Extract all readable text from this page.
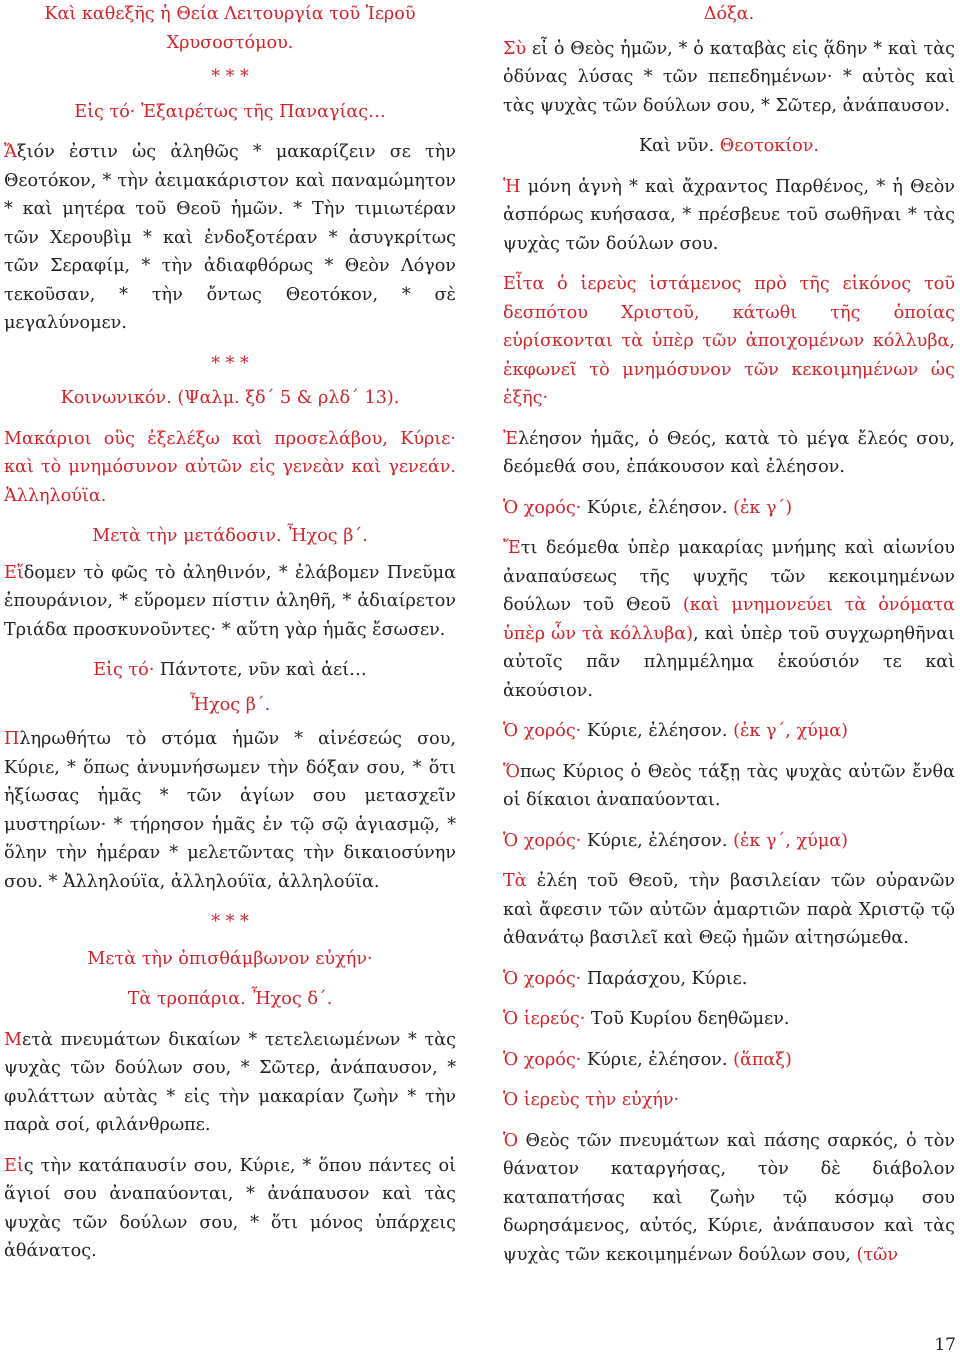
Καὶ καθεξῆς ἡ Θεία Λειτουργία τοῦ Ἱεροῦ Χρυσοστόμου.

* * *

Εἰς τό· Ἐξαιρέτως τῆς Παναγίας…

Ἄξιόν ἐστιν ὡς ἀληθῶς * μακαρίζειν σε τὴν Θεοτόκον, * τὴν ἀειμακάριστον καὶ παναμώμητον * καὶ μητέρα τοῦ Θεοῦ ἡμῶν. * Τὴν τιμιωτέραν τῶν Χερουβὶμ * καὶ ἐνδοξοτέραν * ἀσυγκρίτως τῶν Σεραφίμ, * τὴν ἀδιαφθόρως * Θεὸν Λόγον τεκοῦσαν, * τὴν ὄντως Θεοτόκον, * σὲ μεγαλύνομεν.

* * *

Κοινωνικόν. (Ψαλμ. ξδ΄ 5 & ρλδ΄ 13).

Μακάριοι οὓς ἐξελέξω καὶ προσελάβου, Κύριε· καὶ τὸ μνημόσυνον αὐτῶν εἰς γενεὰν καὶ γενεάν. Ἀλληλούϊα.

Μετὰ τὴν μετάδοσιν. Ἦχος β΄.

Εἴδομεν τὸ φῶς τὸ ἀληθινόν, * ἐλάβομεν Πνεῦμα ἐπουράνιον, * εὕρομεν πίστιν ἀληθῆ, * ἀδιαίρετον Τριάδα προσκυνοῦντες· * αὕτη γὰρ ἡμᾶς ἔσωσεν.

Εἰς τό· Πάντοτε, νῦν καὶ ἀεί…

Ἦχος β΄.

Πληρωθήτω τὸ στόμα ἡμῶν * αἰνέσεώς σου, Κύριε, * ὅπως ἀνυμνήσωμεν τὴν δόξαν σου, * ὅτι ἠξίωσας ἡμᾶς * τῶν ἁγίων σου μετασχεῖν μυστηρίων· * τήρησον ἡμᾶς ἐν τῷ σῷ ἁγιασμῷ, * ὅλην τὴν ἡμέραν * μελετῶντας τὴν δικαιοσύνην σου. * Ἀλληλούϊα, ἀλληλούϊα, ἀλληλούϊα.

* * *

Μετὰ τὴν ὀπισθάμβωνον εὐχήν·

Τὰ τροπάρια. Ἦχος δ΄.

Μετὰ πνευμάτων δικαίων * τετελειωμένων * τὰς ψυχὰς τῶν δούλων σου, * Σῶτερ, ἀνάπαυσον, * φυλάττων αὐτὰς * εἰς τὴν μακαρίαν ζωὴν * τὴν παρὰ σοί, φιλάνθρωπε.

Εἰς τὴν κατάπαυσίν σου, Κύριε, * ὅπου πάντες οἱ ἅγιοί σου ἀναπαύονται, * ἀνάπαυσον καὶ τὰς ψυχὰς τῶν δούλων σου, * ὅτι μόνος ὑπάρχεις ἀθάνατος.

Δόξα.

Σὺ εἶ ὁ Θεὸς ἡμῶν, * ὁ καταβὰς εἰς ᾅδην * καὶ τὰς ὀδύνας λύσας * τῶν πεπεδημένων· * αὐτὸς καὶ τὰς ψυχὰς τῶν δούλων σου, * Σῶτερ, ἀνάπαυσον.

Καὶ νῦν. Θεοτοκίον.

Ἡ μόνη ἁγνὴ * καὶ ἄχραντος Παρθένος, * ἡ Θεὸν ἀσπόρως κυήσασα, * πρέσβευε τοῦ σωθῆναι * τὰς ψυχὰς τῶν δούλων σου.

Εἶτα ὁ ἱερεὺς ἱστάμενος πρὸ τῆς εἰκόνος τοῦ δεσπότου Χριστοῦ, κάτωθι τῆς ὁποίας εὑρίσκονται τὰ ὑπὲρ τῶν ἀποιχομένων κόλλυβα, ἐκφωνεῖ τὸ μνημόσυνον τῶν κεκοιμημένων ὡς ἑξῆς·

Ἐλέησον ἡμᾶς, ὁ Θεός, κατὰ τὸ μέγα ἔλεός σου, δεόμεθά σου, ἐπάκουσον καὶ ἐλέησον.

Ὁ χορός· Κύριε, ἐλέησον. (ἐκ γ΄)

Ἔτι δεόμεθα ὑπὲρ μακαρίας μνήμης καὶ αἰωνίου ἀναπαύσεως τῆς ψυχῆς τῶν κεκοιμημένων δούλων τοῦ Θεοῦ (καὶ μνημονεύει τὰ ὀνόματα ὑπὲρ ὧν τὰ κόλλυβα), καὶ ὑπὲρ τοῦ συγχωρηθῆναι αὐτοῖς πᾶν πλημμέλημα ἑκούσιόν τε καὶ ἀκούσιον.

Ὁ χορός· Κύριε, ἐλέησον. (ἐκ γ΄, χύμα)

Ὅπως Κύριος ὁ Θεὸς τάξῃ τὰς ψυχὰς αὐτῶν ἔνθα οἱ δίκαιοι ἀναπαύονται.

Ὁ χορός· Κύριε, ἐλέησον. (ἐκ γ΄, χύμα)

Τὰ ἐλέη τοῦ Θεοῦ, τὴν βασιλείαν τῶν οὐρανῶν καὶ ἄφεσιν τῶν αὐτῶν ἁμαρτιῶν παρὰ Χριστῷ τῷ ἀθανάτῳ βασιλεῖ καὶ Θεῷ ἡμῶν αἰτησώμεθα.

Ὁ χορός· Παράσχου, Κύριε.

Ὁ ἱερεύς· Τοῦ Κυρίου δεηθῶμεν.

Ὁ χορός· Κύριε, ἐλέησον. (ἅπαξ)

Ὁ ἱερεὺς τὴν εὐχήν·

Ὁ Θεὸς τῶν πνευμάτων καὶ πάσης σαρκός, ὁ τὸν θάνατον καταργήσας, τὸν δὲ διάβολον καταπατήσας καὶ ζωὴν τῷ κόσμῳ σου δωρησάμενος, αὐτός, Κύριε, ἀνάπαυσον καὶ τὰς ψυχὰς τῶν κεκοιμημένων δούλων σου, (τῶν

17
